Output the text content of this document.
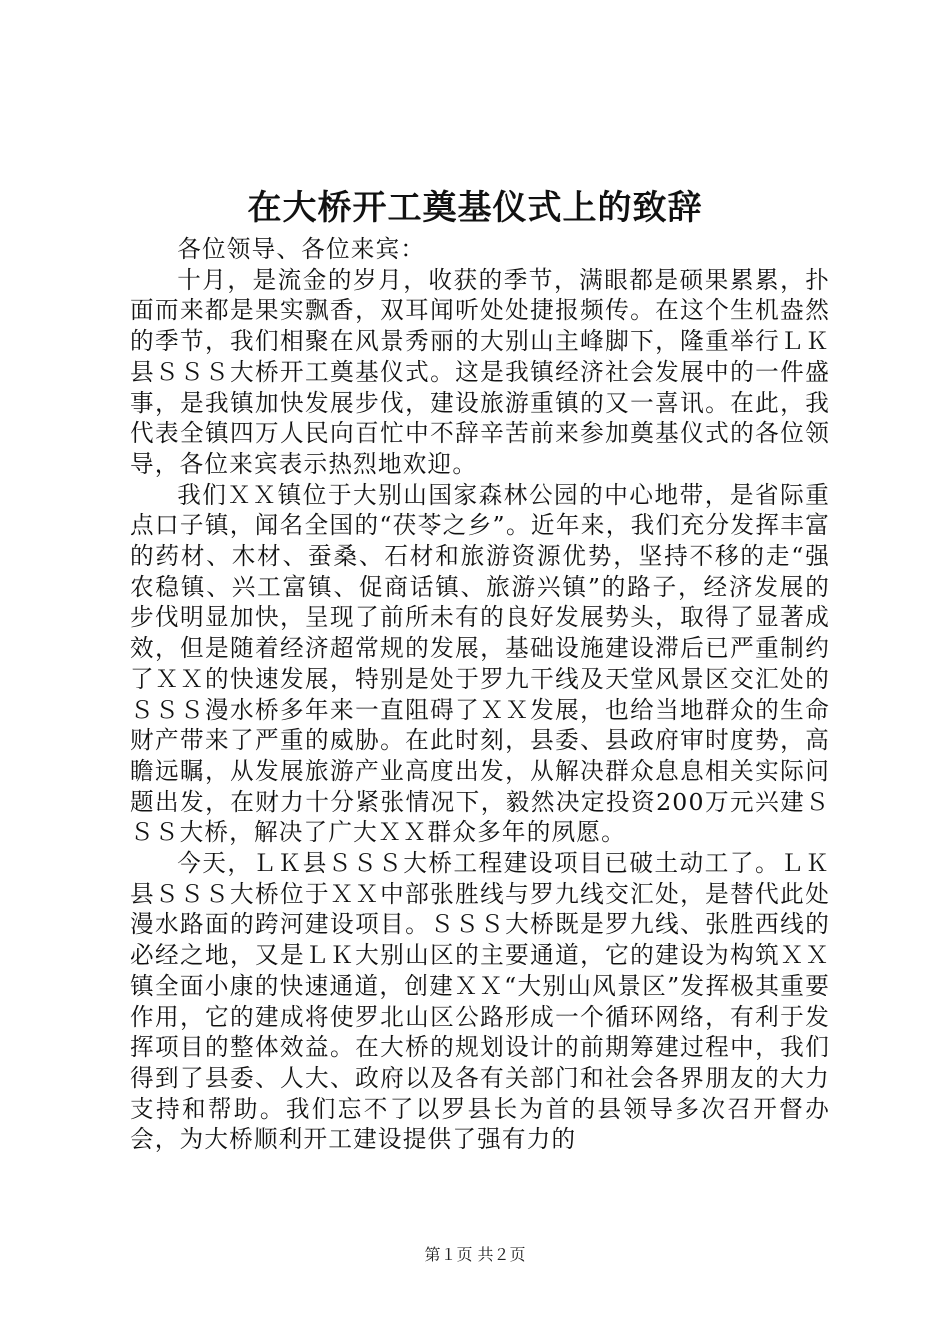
在大桥开工奠基仪式上的致辞

各位领导、各位来宾：

十月，是流金的岁月，收获的季节，满眼都是硕果累累，扑面而来都是果实飘香，双耳闻听处处捷报频传。在这个生机盎然的季节，我们相聚在风景秀丽的大别山主峰脚下，隆重举行ＬＫ县ＳＳＳ大桥开工奠基仪式。这是我镇经济社会发展中的一件盛事，是我镇加快发展步伐，建设旅游重镇的又一喜讯。在此，我代表全镇四万人民向百忙中不辞辛苦前来参加奠基仪式的各位领导，各位来宾表示热烈地欢迎。

我们ＸＸ镇位于大别山国家森林公园的中心地带，是省际重点口子镇，闻名全国的“茯苓之乡”。近年来，我们充分发挥丰富的药材、木材、蚕桑、石材和旅游资源优势，坚持不移的走“强农稳镇、兴工富镇、促商话镇、旅游兴镇”的路子，经济发展的步伐明显加快，呈现了前所未有的良好发展势头，取得了显著成效，但是随着经济超常规的发展，基础设施建设滞后已严重制约了ＸＸ的快速发展，特别是处于罗九干线及天堂风景区交汇处的ＳＳＳ漫水桥多年来一直阻碍了ＸＸ发展，也给当地群众的生命财产带来了严重的威胁。在此时刻，县委、县政府审时度势，高瞻远瞩，从发展旅游产业高度出发，从解决群众息息相关实际问题出发，在财力十分紧张情况下，毅然决定投资200万元兴建ＳＳＳ大桥，解决了广大ＸＸ群众多年的夙愿。

今天，ＬＫ县ＳＳＳ大桥工程建设项目已破土动工了。ＬＫ县ＳＳＳ大桥位于ＸＸ中部张胜线与罗九线交汇处，是替代此处漫水路面的跨河建设项目。ＳＳＳ大桥既是罗九线、张胜西线的必经之地，又是ＬＫ大别山区的主要通道，它的建设为构筑ＸＸ镇全面小康的快速通道，创建ＸＸ“大别山风景区”发挥极其重要作用，它的建成将使罗北山区公路形成一个循环网络，有利于发挥项目的整体效益。在大桥的规划设计的前期筹建过程中，我们得到了县委、人大、政府以及各有关部门和社会各界朋友的大力支持和帮助。我们忘不了以罗县长为首的县领导多次召开督办会，为大桥顺利开工建设提供了强有力的

第１页 共２页
